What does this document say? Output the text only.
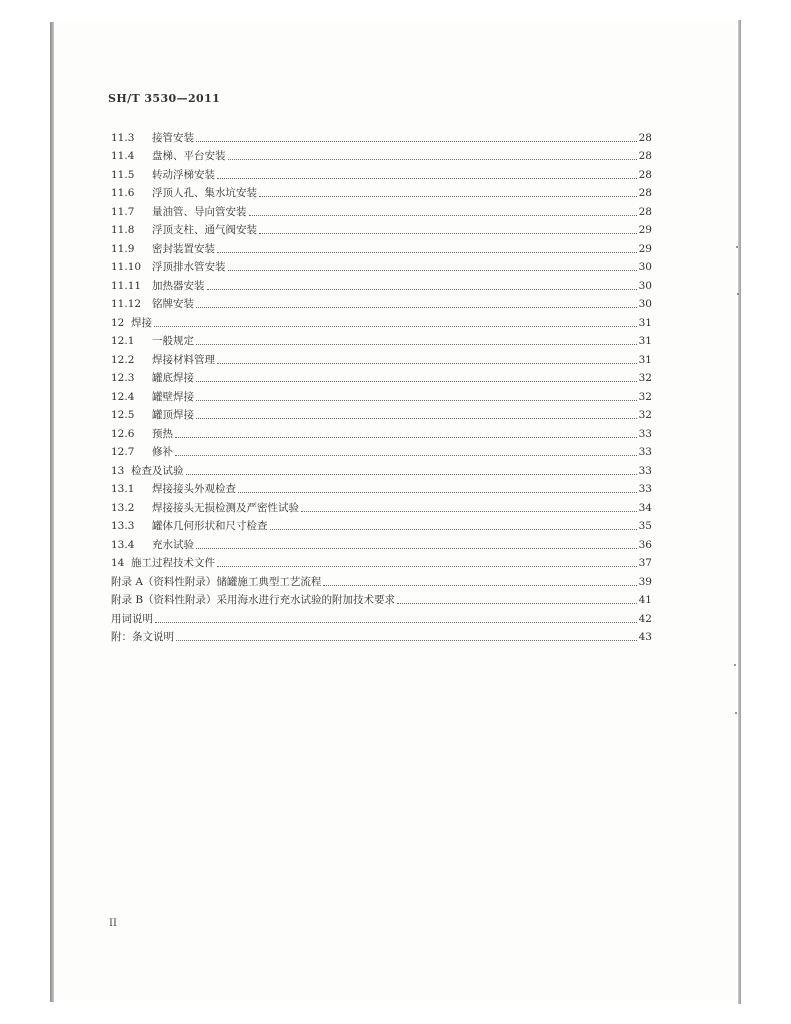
SH/T 3530—2011
11.3	接管安装	28
11.4	盘梯、平台安装	28
11.5	转动浮梯安装	28
11.6	浮顶人孔、集水坑安装	28
11.7	量油管、导向管安装	28
11.8	浮顶支柱、通气阀安装	29
11.9	密封装置安装	29
11.10	浮顶排水管安装	30
11.11	加热器安装	30
11.12	铭牌安装	30
12 焊接	31
12.1	一般规定	31
12.2	焊接材料管理	31
12.3	罐底焊接	32
12.4	罐壁焊接	32
12.5	罐顶焊接	32
12.6	预热	33
12.7	修补	33
13 检查及试验	33
13.1	焊接接头外观检查	33
13.2	焊接接头无损检测及严密性试验	34
13.3	罐体几何形状和尺寸检查	35
13.4	充水试验	36
14 施工过程技术文件	37
附录 A（资料性附录）储罐施工典型工艺流程	39
附录 B（资料性附录）采用海水进行充水试验的附加技术要求	41
用词说明	42
附：条文说明	43
II
